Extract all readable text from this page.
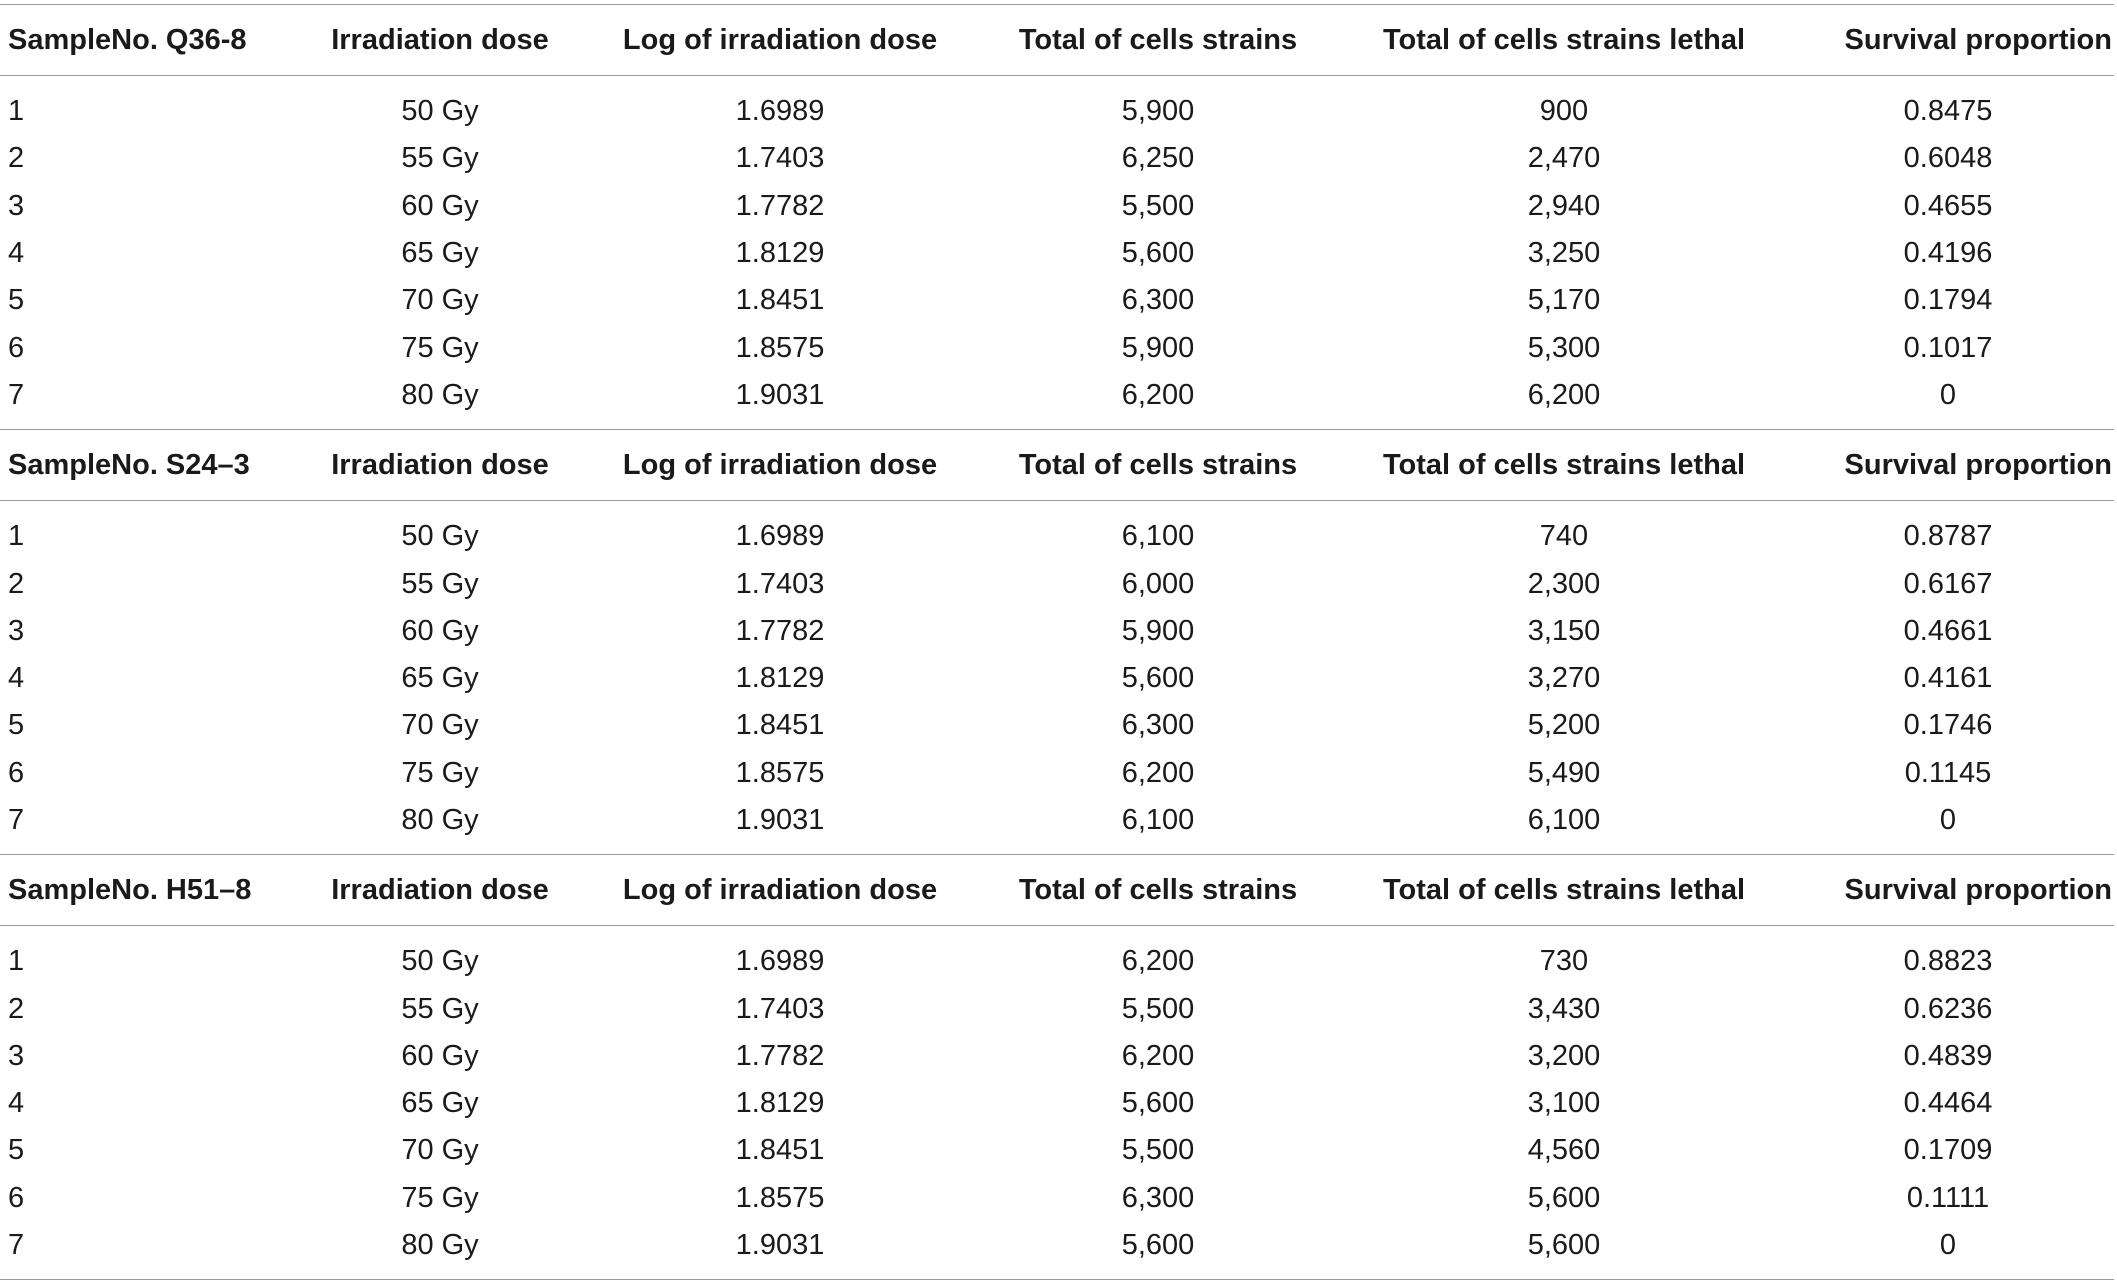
SampleNo. Q36-8	Irradiation dose	Log of irradiation dose	Total of cells strains	Total of cells strains lethal	Survival proportion
1	50 Gy	1.6989	5,900	900	0.8475
2	55 Gy	1.7403	6,250	2,470	0.6048
3	60 Gy	1.7782	5,500	2,940	0.4655
4	65 Gy	1.8129	5,600	3,250	0.4196
5	70 Gy	1.8451	6,300	5,170	0.1794
6	75 Gy	1.8575	5,900	5,300	0.1017
7	80 Gy	1.9031	6,200	6,200	0
SampleNo. S24–3	Irradiation dose	Log of irradiation dose	Total of cells strains	Total of cells strains lethal	Survival proportion
1	50 Gy	1.6989	6,100	740	0.8787
2	55 Gy	1.7403	6,000	2,300	0.6167
3	60 Gy	1.7782	5,900	3,150	0.4661
4	65 Gy	1.8129	5,600	3,270	0.4161
5	70 Gy	1.8451	6,300	5,200	0.1746
6	75 Gy	1.8575	6,200	5,490	0.1145
7	80 Gy	1.9031	6,100	6,100	0
SampleNo. H51–8	Irradiation dose	Log of irradiation dose	Total of cells strains	Total of cells strains lethal	Survival proportion
1	50 Gy	1.6989	6,200	730	0.8823
2	55 Gy	1.7403	5,500	3,430	0.6236
3	60 Gy	1.7782	6,200	3,200	0.4839
4	65 Gy	1.8129	5,600	3,100	0.4464
5	70 Gy	1.8451	5,500	4,560	0.1709
6	75 Gy	1.8575	6,300	5,600	0.1111
7	80 Gy	1.9031	5,600	5,600	0
